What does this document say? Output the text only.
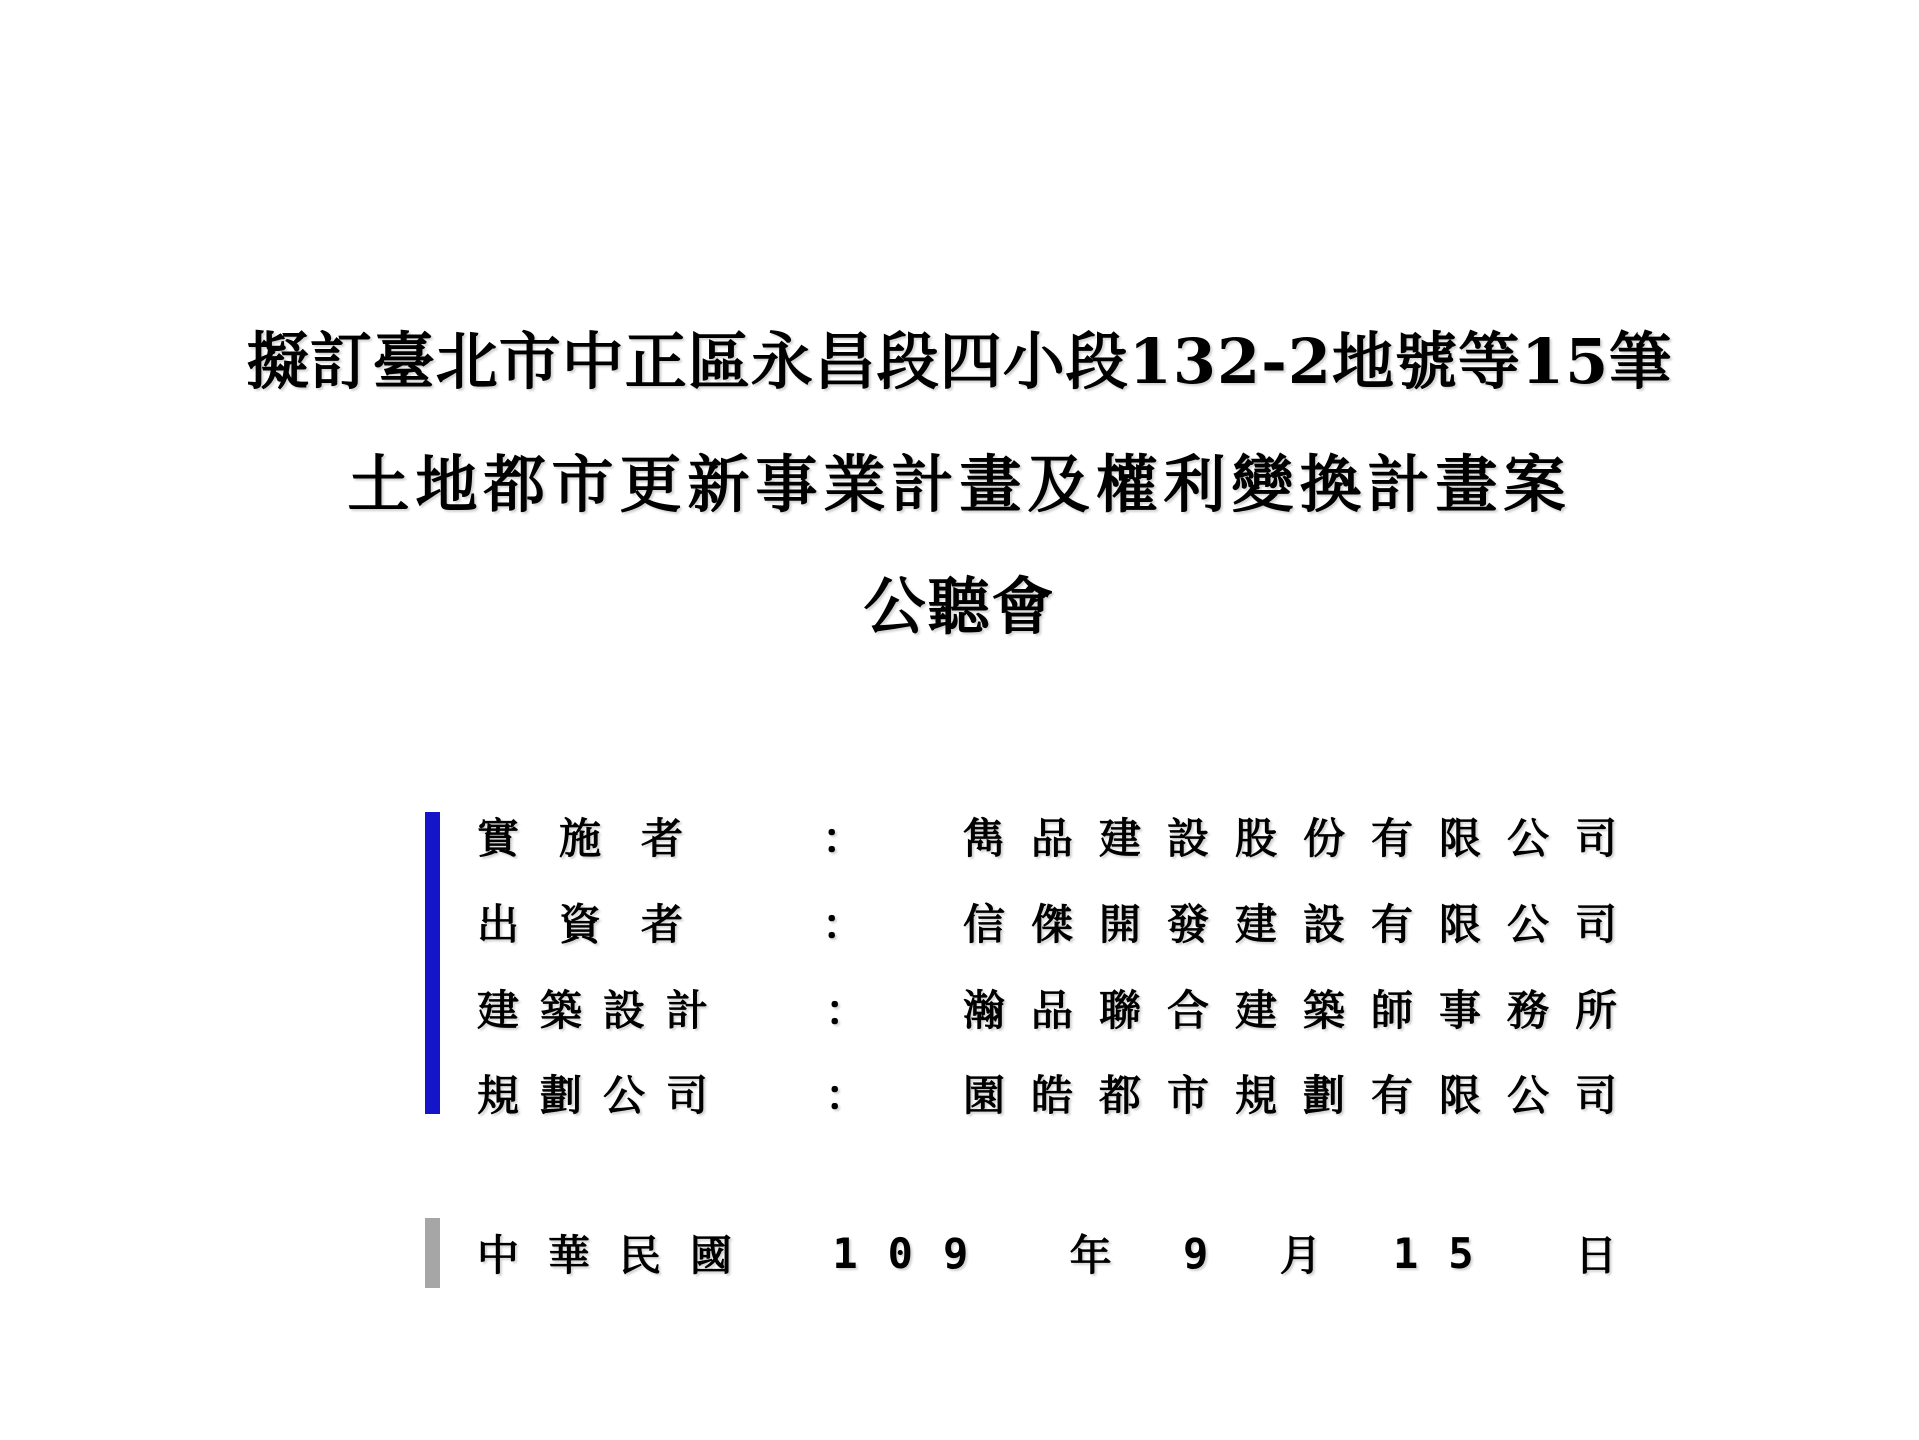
擬訂臺北市中正區永昌段四小段132-2地號等15筆
土地都市更新事業計畫及權利變換計畫案
公聽會
實施者 ： 雋品建設股份有限公司
出資者 ： 信傑開發建設有限公司
建築設計 ： 瀚品聯合建築師事務所
規劃公司 ： 園皓都市規劃有限公司
中華民國 109 年 9 月 15 日
